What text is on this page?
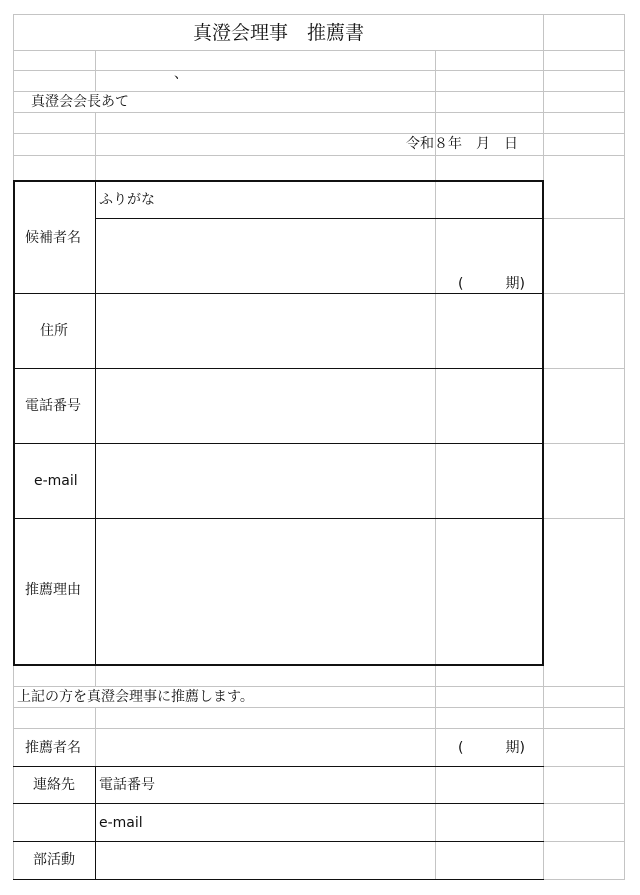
真澄会理事　推薦書
、
真澄会会長あて
令和８年　月　日
候補者名
ふりがな
(　　　期)
住所
電話番号
e-mail
推薦理由
上記の方を真澄会理事に推薦します。
推薦者名	(　　　期)
連絡先 電話番号
e-mail
部活動
